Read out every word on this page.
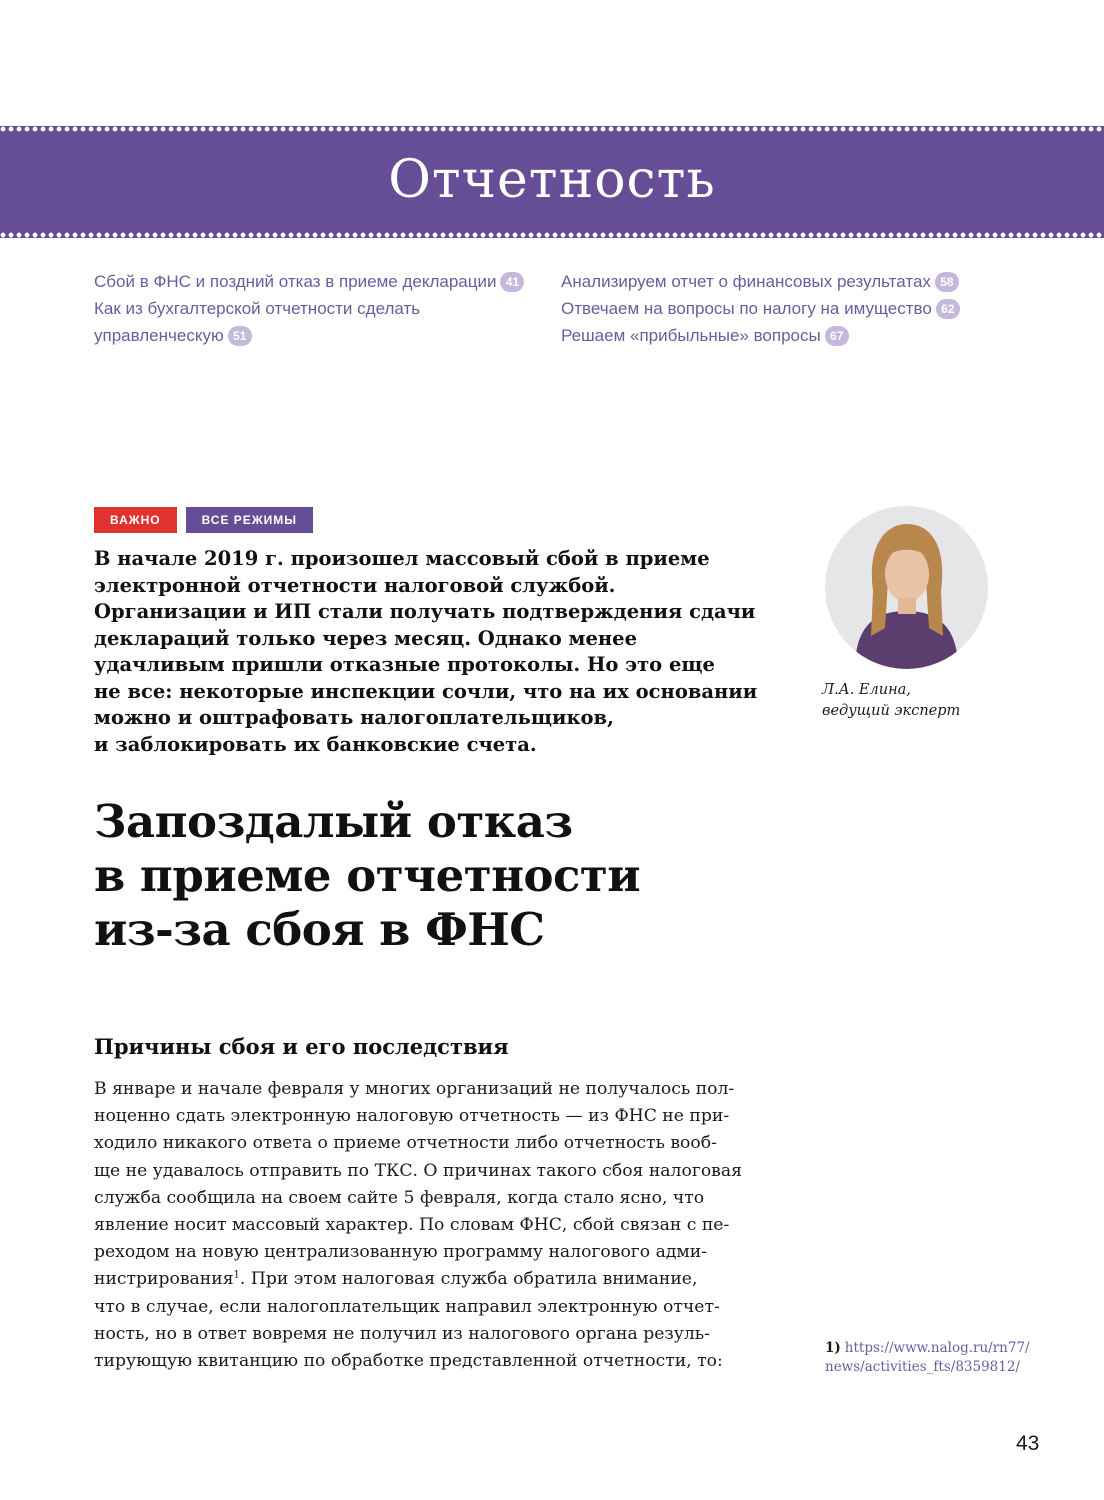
Отчетность
Сбой в ФНС и поздний отказ в приеме декларации 41
Как из бухгалтерской отчетности сделать
управленческую 51
Анализируем отчет о финансовых результатах 58
Отвечаем на вопросы по налогу на имущество 62
Решаем «прибыльные» вопросы 67
ВАЖНО	ВСЕ РЕЖИМЫ
В начале 2019 г. произошел массовый сбой в приеме
электронной отчетности налоговой службой.
Организации и ИП стали получать подтверждения сдачи
деклараций только через месяц. Однако менее
удачливым пришли отказные протоколы. Но это еще
не все: некоторые инспекции сочли, что на их основании
можно и оштрафовать налогоплательщиков,
и заблокировать их банковские счета.
Л.А. Елина,
ведущий эксперт
Запоздалый отказ
в приеме отчетности
из-за сбоя в ФНС
Причины сбоя и его последствия
В январе и начале февраля у многих организаций не получалось пол-
ноценно сдать электронную налоговую отчетность — из ФНС не при-
ходило никакого ответа о приеме отчетности либо отчетность вооб-
ще не удавалось отправить по ТКС. О причинах такого сбоя налоговая
служба сообщила на своем сайте 5 февраля, когда стало ясно, что
явление носит массовый характер. По словам ФНС, сбой связан с пе-
реходом на новую централизованную программу налогового адми-
нистрирования$^1$. При этом налоговая служба обратила внимание,
что в случае, если налогоплательщик направил электронную отчет-
ность, но в ответ вовремя не получил из налогового органа резуль-
тирующую квитанцию по обработке представленной отчетности, то:
1) https://www.nalog.ru/rn77/
news/activities_fts/8359812/
43
